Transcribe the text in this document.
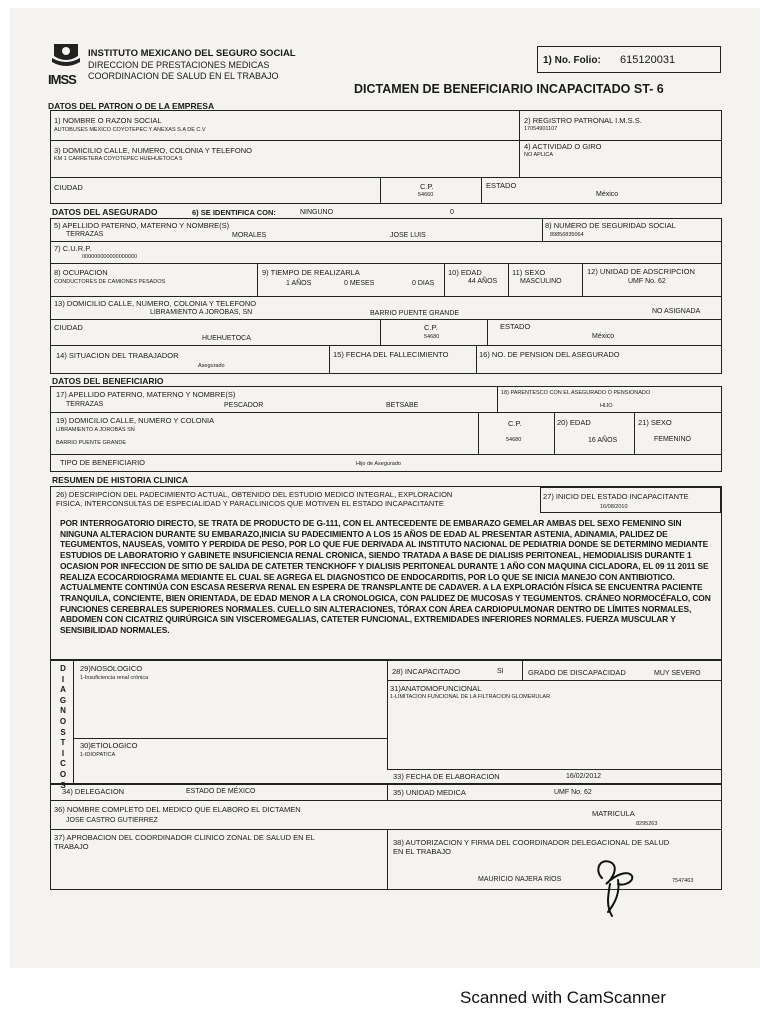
IMSS
INSTITUTO MEXICANO DEL SEGURO SOCIAL
DIRECCION DE PRESTACIONES MEDICAS
COORDINACION DE SALUD EN EL TRABAJO
1) No. Folio: 615120031
DICTAMEN DE BENEFICIARIO INCAPACITADO ST- 6
DATOS DEL PATRON O DE LA EMPRESA
1) NOMBRE O RAZON SOCIAL
AUTOBUSES MEXICO COYOTEPEC Y ANEXAS S.A DE C.V
2) REGISTRO PATRONAL I.M.S.S.
17054901107
3) DOMICILIO CALLE, NUMERO, COLONIA Y TELEFONO
KM 1 CARRETERA COYOTEPEC HUEHUETOCA 5
4) ACTIVIDAD O GIRO
NO APLICA
CIUDAD	C.P.
54660
ESTADO
México
DATOS DEL ASEGURADO	6) SE IDENTIFICA CON:	NINGUNO	0
5) APELLIDO PATERNO, MATERNO Y NOMBRE(S)
TERRAZAS	MORALES	JOSE LUIS
8) NUMERO DE SEGURIDAD SOCIAL
89856835064
7) C.U.R.P.
000000000000000000
8) OCUPACION
CONDUCTORES DE CAMIONES PESADOS
9) TIEMPO DE REALIZARLA
1 AÑOS	0 MESES	0 DIAS
10) EDAD
44 AÑOS
11) SEXO
MASCULINO
12) UNIDAD DE ADSCRIPCION
UMF No. 62
13) DOMICILIO CALLE, NUMERO, COLONIA Y TELEFONO
LIBRAMIENTO A JOROBAS, SN	BARRIO PUENTE GRANDE	NO ASIGNADA
CIUDAD
HUEHUETOCA
C.P.
54680
ESTADO
México
14) SITUACION DEL TRABAJADOR
Asegurado
15) FECHA DEL FALLECIMIENTO	16) NO. DE PENSION DEL ASEGURADO
DATOS DEL BENEFICIARIO
17) APELLIDO PATERNO, MATERNO Y NOMBRE(S)
TERRAZAS	PESCADOR	BETSABE
18) PARENTESCO CON EL ASEGURADO O PENSIONADO
HIJO
19) DOMICILIO CALLE, NUMERO Y COLONIA
LIBRAMIENTO A JOROBAS SN
BARRIO PUENTE GRANDE
C.P.
54680
20) EDAD
16 AÑOS
21) SEXO
FEMENINO
TIPO DE BENEFICIARIO	Hijo de Asegurado
RESUMEN DE HISTORIA CLINICA
26) DESCRIPCION DEL PADECIMIENTO ACTUAL, OBTENIDO DEL ESTUDIO MEDICO INTEGRAL, EXPLORACION
FISICA, INTERCONSULTAS DE ESPECIALIDAD Y PARACLINICOS QUE MOTIVEN EL ESTADO INCAPACITANTE
27) INICIO DEL ESTADO INCAPACITANTE
16/08/2010
POR INTERROGATORIO DIRECTO, SE TRATA DE PRODUCTO DE G-111, CON EL ANTECEDENTE DE EMBARAZO GEMELAR AMBAS DEL SEXO FEMENINO SIN NINGUNA ALTERACION DURANTE SU EMBARAZO,INICIA SU PADECIMIENTO A LOS 15 AÑOS DE EDAD AL PRESENTAR ASTENIA, ADINAMIA, PALIDEZ DE TEGUMENTOS, NAUSEAS, VOMITO Y PERDIDA DE PESO, POR LO QUE FUE DERIVADA AL INSTITUTO NACIONAL DE PEDIATRIA DONDE SE DETERMINO MEDIANTE ESTUDIOS DE LABORATORIO Y GABINETE INSUFICIENCIA RENAL CRONICA, SIENDO TRATADA A BASE DE DIALISIS PERITONEAL, HEMODIALISIS DURANTE 1 OCASION POR INFECCION DE SITIO DE SALIDA DE CATETER TENCKHOFF Y DIALISIS PERITONEAL DURANTE 1 AÑO CON MAQUINA CICLADORA, EL 09 11 2011 SE REALIZA ECOCARDIOGRAMA MEDIANTE EL CUAL SE AGREGA EL DIAGNOSTICO DE ENDOCARDITIS, POR LO QUE SE INICIA MANEJO CON ANTIBIOTICO. ACTUALMENTE CONTINÚA CON ESCASA RESERVA RENAL EN ESPERA DE TRANSPLANTE DE CADAVER. A LA EXPLORACIÓN FÍSICA SE ENCUENTRA PACIENTE TRANQUILA, CONCIENTE, BIEN ORIENTADA, DE EDAD MENOR A LA CRONOLOGICA, CON PALIDEZ DE MUCOSAS Y TEGUMENTOS. CRÁNEO NORMOCÉFALO, CON FUNCIONES CEREBRALES SUPERIORES NORMALES. CUELLO SIN ALTERACIONES, TÓRAX CON ÁREA CARDIOPULMONAR DENTRO DE LÍMITES NORMALES, ABDOMEN CON CICATRIZ QUIRÚRGICA SIN VISCEROMEGALIAS, CATETER FUNCIONAL, EXTREMIDADES INFERIORES NORMALES. FUERZA MUSCULAR Y SENSIBILIDAD NORMALES.
D
I
A
G
N
O
S
T
I
C
O
S
29)NOSOLOGICO
1-Insuficiencia renal crónica
28) INCAPACITADO	SI	GRADO DE DISCAPACIDAD	MUY SEVERO
31)ANATOMOFUNCIONAL
1-LIMITACION FUNCIONAL DE LA FILTRACION GLOMERULAR
30)ETIOLOGICO
1-IDIOPATICA
33) FECHA DE ELABORACION	16/02/2012
34) DELEGACION	ESTADO DE MÉXICO	35) UNIDAD MEDICA	UMF No. 62
36) NOMBRE COMPLETO DEL MEDICO QUE ELABORO EL DICTAMEN
JOSE CASTRO GUTIERREZ
MATRICULA
8295263
37) APROBACION DEL COORDINADOR CLINICO ZONAL DE SALUD EN EL
TRABAJO	38) AUTORIZACION Y FIRMA DEL COORDINADOR DELEGACIONAL DE SALUD
EN EL TRABAJO
MAURICIO NAJERA RIOS	7547463
Scanned with CamScanner
